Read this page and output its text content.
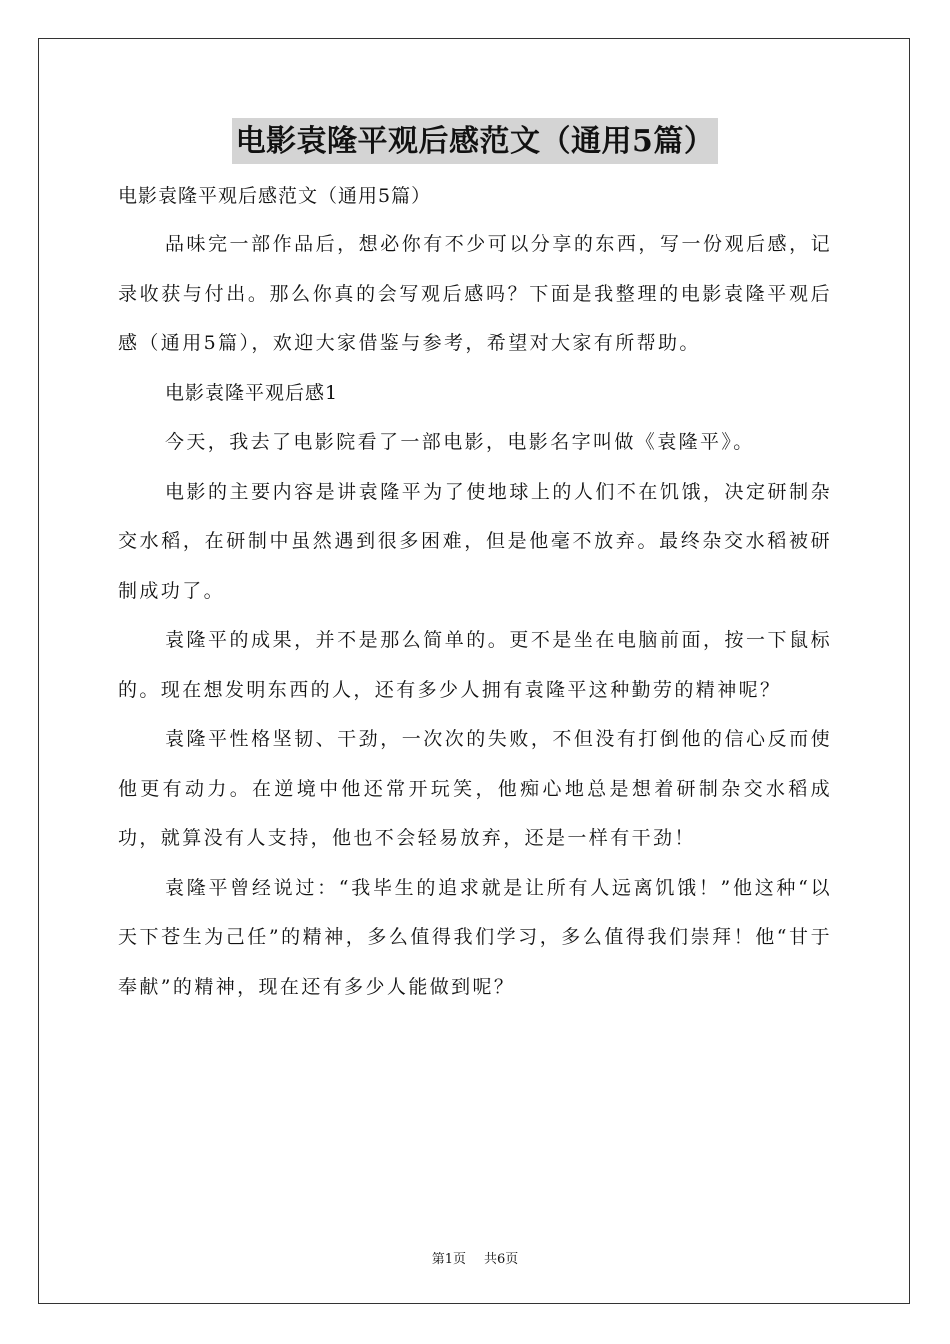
电影袁隆平观后感范文（通用5篇）

电影袁隆平观后感范文（通用5篇）

品味完一部作品后，想必你有不少可以分享的东西，写一份观后感，记录收获与付出。那么你真的会写观后感吗？下面是我整理的电影袁隆平观后感（通用5篇），欢迎大家借鉴与参考，希望对大家有所帮助。

电影袁隆平观后感1

今天，我去了电影院看了一部电影，电影名字叫做《袁隆平》。

电影的主要内容是讲袁隆平为了使地球上的人们不在饥饿，决定研制杂交水稻，在研制中虽然遇到很多困难，但是他毫不放弃。最终杂交水稻被研制成功了。

袁隆平的成果，并不是那么简单的。更不是坐在电脑前面，按一下鼠标的。现在想发明东西的人，还有多少人拥有袁隆平这种勤劳的精神呢？

袁隆平性格坚韧、干劲，一次次的失败，不但没有打倒他的信心反而使他更有动力。在逆境中他还常开玩笑，他痴心地总是想着研制杂交水稻成功，就算没有人支持，他也不会轻易放弃，还是一样有干劲！

袁隆平曾经说过：“我毕生的追求就是让所有人远离饥饿！”他这种“以天下苍生为己任”的精神，多么值得我们学习，多么值得我们崇拜！他“甘于奉献”的精神，现在还有多少人能做到呢？

第1页 共6页
